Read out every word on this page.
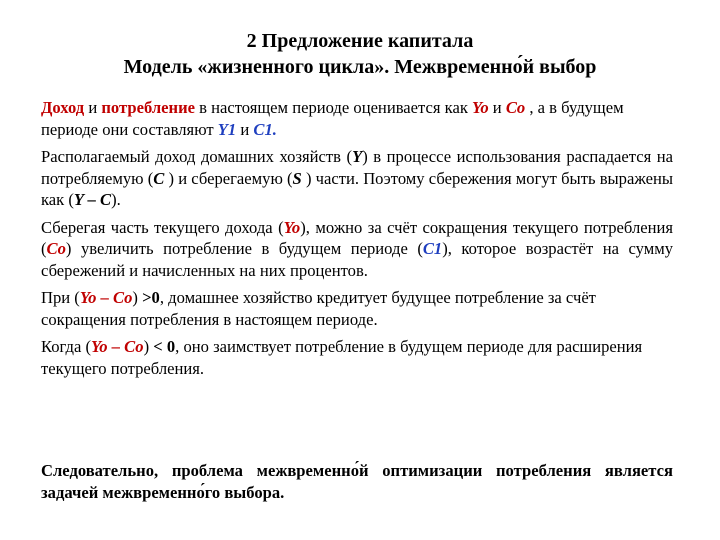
2 Предложение капитала
Модель «жизненного цикла». Межвременно́й выбор

Доход и потребление в настоящем периоде оценивается как Yo и Co , а в будущем периоде они составляют Y1 и C1.

Располагаемый доход домашних хозяйств (Y) в процессе использования распадается на потребляемую (C ) и сберегаемую (S ) части. Поэтому сбережения могут быть выражены как (Y – C).

Сберегая часть текущего дохода (Yo), можно за счёт сокращения текущего потребления (Co) увеличить потребление в будущем периоде (C1), которое возрастёт на сумму сбережений и начисленных на них процентов.

При (Yo – Co) >0, домашнее хозяйство кредитует будущее потребление за счёт сокращения потребления в настоящем периоде.

Когда (Yo – Co) < 0, оно заимствует потребление в будущем периоде для расширения текущего потребления.

Следовательно, проблема межвременно́й оптимизации потребления является задачей межвременно́го выбора.
